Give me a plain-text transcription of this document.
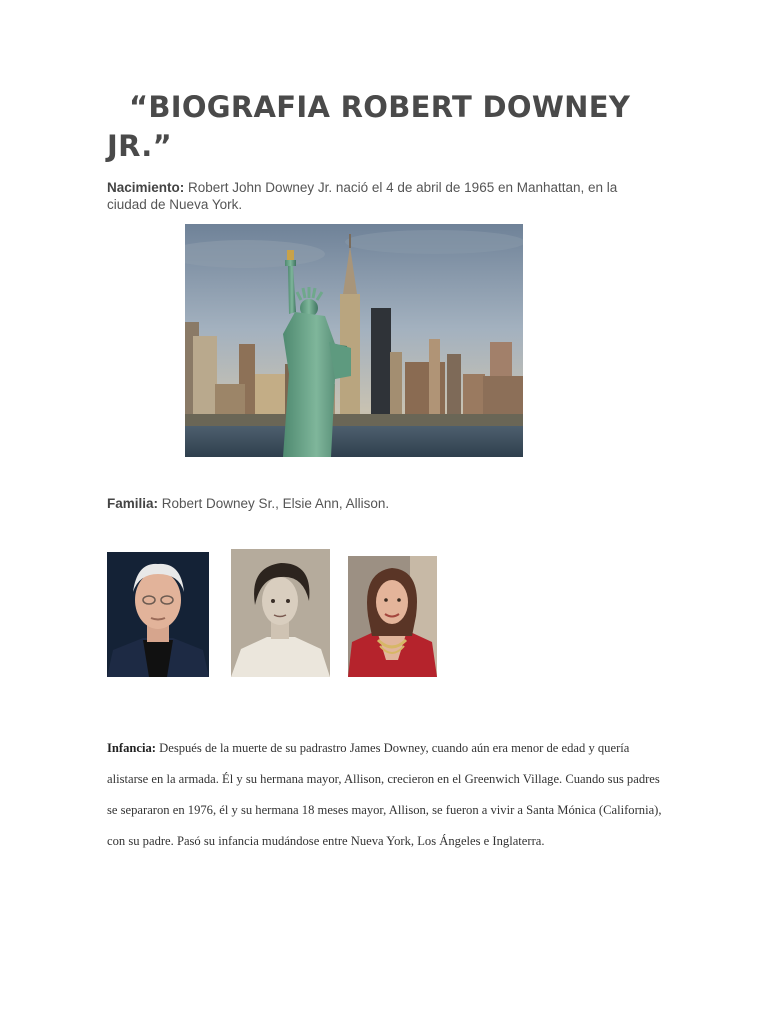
“BIOGRAFIA ROBERT DOWNEY
JR.”

Nacimiento: Robert John Downey Jr. nació el 4 de abril de 1965 en Manhattan, en la ciudad de Nueva York.

Familia: Robert Downey Sr., Elsie Ann, Allison.

Infancia: Después de la muerte de su padrastro James Downey, cuando aún era menor de edad y quería alistarse en la armada. Él y su hermana mayor, Allison, crecieron en el Greenwich Village. Cuando sus padres se separaron en 1976, él y su hermana 18 meses mayor, Allison, se fueron a vivir a Santa Mónica (California), con su padre. Pasó su infancia mudándose entre Nueva York, Los Ángeles e Inglaterra.
